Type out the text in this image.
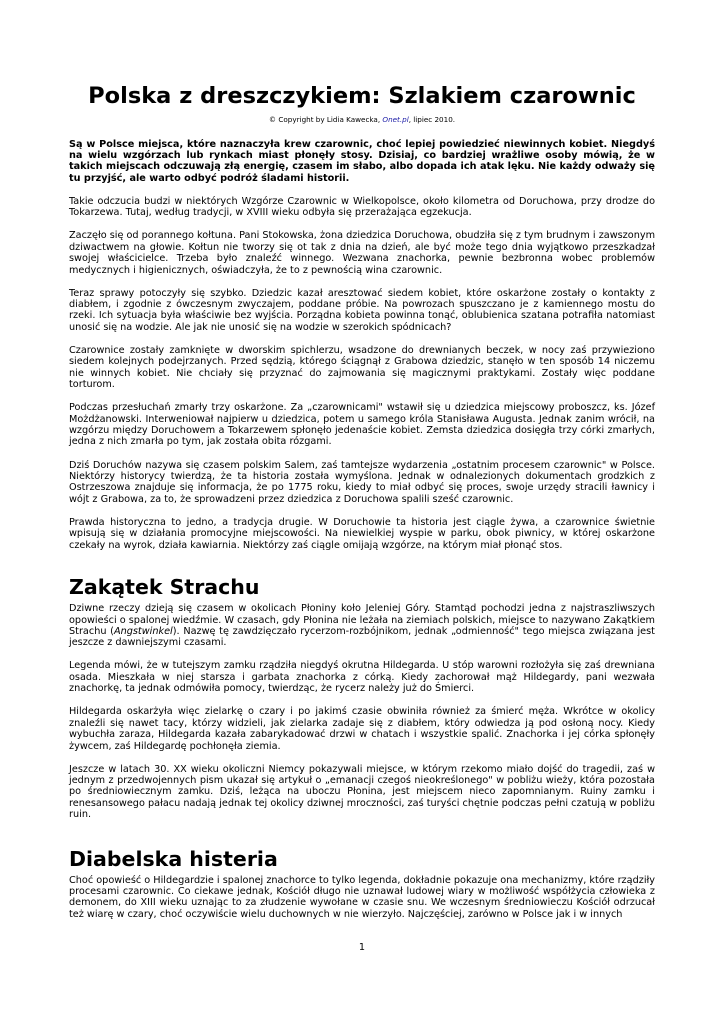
Polska z dreszczykiem: Szlakiem czarownic
© Copyright by Lidia Kawecka, Onet.pl, lipiec 2010.
Są w Polsce miejsca, które naznaczyła krew czarownic, choć lepiej powiedzieć niewinnych kobiet. Niegdyś na wielu wzgórzach lub rynkach miast płonęły stosy. Dzisiaj, co bardziej wrażliwe osoby mówią, że w takich miejscach odczuwają złą energię, czasem im słabo, albo dopada ich atak lęku. Nie każdy odważy się tu przyjść, ale warto odbyć podróż śladami historii.

Takie odczucia budzi w niektórych Wzgórze Czarownic w Wielkopolsce, około kilometra od Doruchowa, przy drodze do Tokarzewa. Tutaj, według tradycji, w XVIII wieku odbyła się przerażająca egzekucja.

Zaczęło się od porannego kołtuna. Pani Stokowska, żona dziedzica Doruchowa, obudziła się z tym brudnym i zawszonym dziwactwem na głowie. Kołtun nie tworzy się ot tak z dnia na dzień, ale być może tego dnia wyjątkowo przeszkadzał swojej właścicielce. Trzeba było znaleźć winnego. Wezwana znachorka, pewnie bezbronna wobec problemów medycznych i higienicznych, oświadczyła, że to z pewnością wina czarownic.

Teraz sprawy potoczyły się szybko. Dziedzic kazał aresztować siedem kobiet, które oskarżone zostały o kontakty z diabłem, i zgodnie z ówczesnym zwyczajem, poddane próbie. Na powrozach spuszczano je z kamiennego mostu do rzeki. Ich sytuacja była właściwie bez wyjścia. Porządna kobieta powinna tonąć, oblubienica szatana potrafiła natomiast unosić się na wodzie. Ale jak nie unosić się na wodzie w szerokich spódnicach?

Czarownice zostały zamknięte w dworskim spichlerzu, wsadzone do drewnianych beczek, w nocy zaś przywieziono siedem kolejnych podejrzanych. Przed sędzią, którego ściągnął z Grabowa dziedzic, stanęło w ten sposób 14 niczemu nie winnych kobiet. Nie chciały się przyznać do zajmowania się magicznymi praktykami. Zostały więc poddane torturom.

Podczas przesłuchań zmarły trzy oskarżone. Za „czarownicami" wstawił się u dziedzica miejscowy proboszcz, ks. Józef Możdżanowski. Interweniował najpierw u dziedzica, potem u samego króla Stanisława Augusta. Jednak zanim wrócił, na wzgórzu między Doruchowem a Tokarzewem spłonęło jedenaście kobiet. Zemsta dziedzica dosięgła trzy córki zmarłych, jedna z nich zmarła po tym, jak została obita rózgami.

Dziś Doruchów nazywa się czasem polskim Salem, zaś tamtejsze wydarzenia „ostatnim procesem czarownic" w Polsce. Niektórzy historycy twierdzą, że ta historia została wymyślona. Jednak w odnalezionych dokumentach grodzkich z Ostrzeszowa znajduje się informacja, że po 1775 roku, kiedy to miał odbyć się proces, swoje urzędy stracili ławnicy i wójt z Grabowa, za to, że sprowadzeni przez dziedzica z Doruchowa spalili sześć czarownic.

Prawda historyczna to jedno, a tradycja drugie. W Doruchowie ta historia jest ciągle żywa, a czarownice świetnie wpisują się w działania promocyjne miejscowości. Na niewielkiej wyspie w parku, obok piwnicy, w której oskarżone czekały na wyrok, działa kawiarnia. Niektórzy zaś ciągle omijają wzgórze, na którym miał płonąć stos.

Zakątek Strachu

Dziwne rzeczy dzieją się czasem w okolicach Płoniny koło Jeleniej Góry. Stamtąd pochodzi jedna z najstraszliwszych opowieści o spalonej wiedźmie. W czasach, gdy Płonina nie leżała na ziemiach polskich, miejsce to nazywano Zakątkiem Strachu (Angstwinkel). Nazwę tę zawdzięczało rycerzom-rozbójnikom, jednak „odmienność" tego miejsca związana jest jeszcze z dawniejszymi czasami.

Legenda mówi, że w tutejszym zamku rządziła niegdyś okrutna Hildegarda. U stóp warowni rozłożyła się zaś drewniana osada. Mieszkała w niej starsza i garbata znachorka z córką. Kiedy zachorował mąż Hildegardy, pani wezwała znachorkę, ta jednak odmówiła pomocy, twierdząc, że rycerz należy już do Śmierci.

Hildegarda oskarżyła więc zielarkę o czary i po jakimś czasie obwiniła również za śmierć męża. Wkrótce w okolicy znaleźli się nawet tacy, którzy widzieli, jak zielarka zadaje się z diabłem, który odwiedza ją pod osłoną nocy. Kiedy wybuchła zaraza, Hildegarda kazała zabarykadować drzwi w chatach i wszystkie spalić. Znachorka i jej córka spłonęły żywcem, zaś Hildegardę pochłonęła ziemia.

Jeszcze w latach 30. XX wieku okoliczni Niemcy pokazywali miejsce, w którym rzekomo miało dojść do tragedii, zaś w jednym z przedwojennych pism ukazał się artykuł o „emanacji czegoś nieokreślonego" w pobliżu wieży, która pozostała po średniowiecznym zamku. Dziś, leżąca na uboczu Płonina, jest miejscem nieco zapomnianym. Ruiny zamku i renesansowego pałacu nadają jednak tej okolicy dziwnej mroczności, zaś turyści chętnie podczas pełni czatują w pobliżu ruin.

Diabelska histeria

Choć opowieść o Hildegardzie i spalonej znachorce to tylko legenda, dokładnie pokazuje ona mechanizmy, które rządziły procesami czarownic. Co ciekawe jednak, Kościół długo nie uznawał ludowej wiary w możliwość współżycia człowieka z demonem, do XIII wieku uznając to za złudzenie wywołane w czasie snu. We wczesnym średniowieczu Kościół odrzucał też wiarę w czary, choć oczywiście wielu duchownych w nie wierzyło. Najczęściej, zarówno w Polsce jak i w innych

1
